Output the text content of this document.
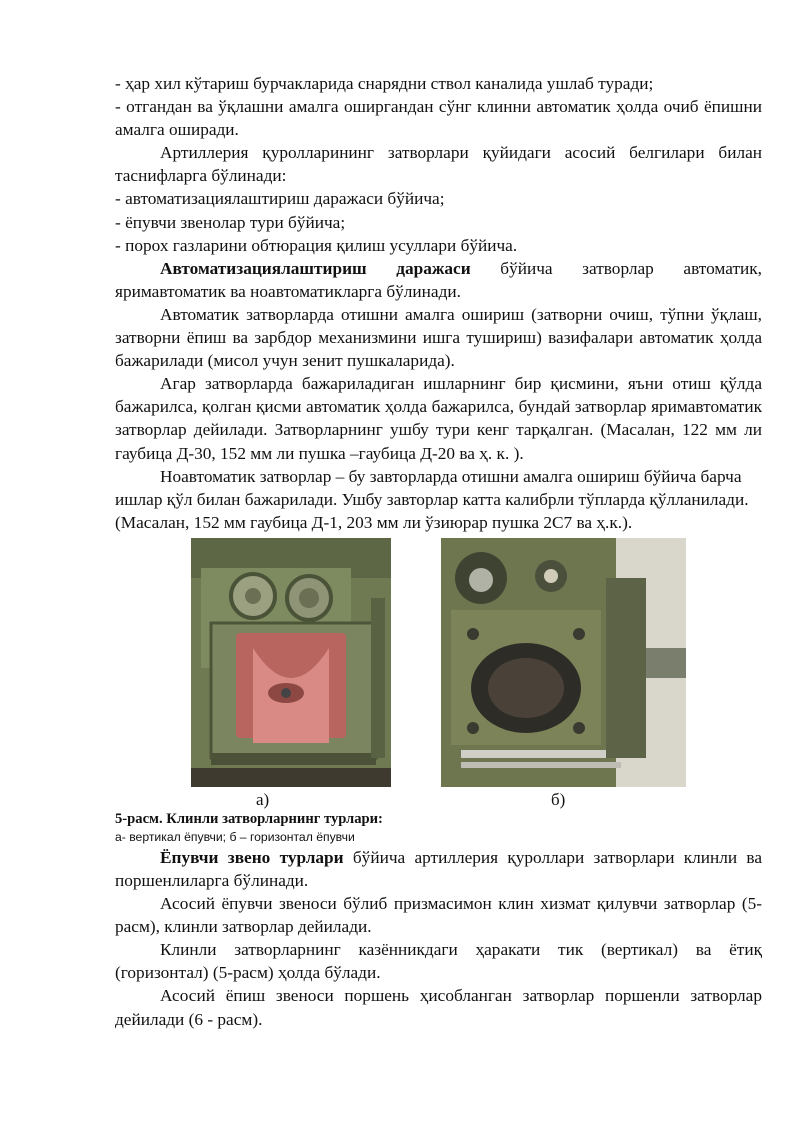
- ҳар хил кўтариш бурчакларида снарядни ствол каналида ушлаб туради;

- отгандан ва ўқлашни амалга оширгандан сўнг клинни автоматик ҳолда очиб ёпишни амалга оширади.

Артиллерия қуролларининг затворлари қуйидаги асосий белгилари билан таснифларга бўлинади:

- автоматизациялаштириш даражаси бўйича;

- ёпувчи звенолар тури бўйича;

- порох газларини обтюрация қилиш усуллари бўйича.

Автоматизациялаштириш даражаси бўйича затворлар автоматик, яримавтоматик ва ноавтоматикларга бўлинади.

Автоматик затворларда отишни амалга ошириш (затворни очиш, тўпни ўқлаш, затворни ёпиш ва зарбдор механизмини ишга тушириш) вазифалари автоматик ҳолда бажарилади (мисол учун зенит пушкаларида).

Агар затворларда бажариладиган ишларнинг бир қисмини, яъни отиш қўлда бажарилса, қолган қисми автоматик ҳолда бажарилса, бундай затворлар яримавтоматик затворлар дейилади. Затворларнинг ушбу тури кенг тарқалган. (Масалан, 122 мм ли гаубица Д-30, 152 мм ли пушка –гаубица Д-20 ва ҳ. к. ).

Ноавтоматик затворлар – бу завторларда отишни амалга ошириш бўйича барча ишлар қўл билан бажарилади. Ушбу завторлар катта калибрли тўпларда қўлланилади.(Масалан, 152 мм гаубица Д-1, 203 мм ли ўзиюрар пушка 2С7 ва ҳ.к.).

а)	б)

5-расм. Клинли затворларнинг турлари:

а- вертикал ёпувчи; б – горизонтал ёпувчи

Ёпувчи звено турлари бўйича артиллерия қуроллари затворлари клинли ва поршенлиларга бўлинади.

Асосий ёпувчи звеноси бўлиб призмасимон клин хизмат қилувчи затворлар (5-расм), клинли затворлар дейилади.

Клинли затворларнинг казённикдаги ҳаракати тик (вертикал) ва ётиқ (горизонтал) (5-расм) ҳолда бўлади.

Асосий ёпиш звеноси поршень ҳисобланган затворлар поршенли затворлар дейилади (6 - расм).
